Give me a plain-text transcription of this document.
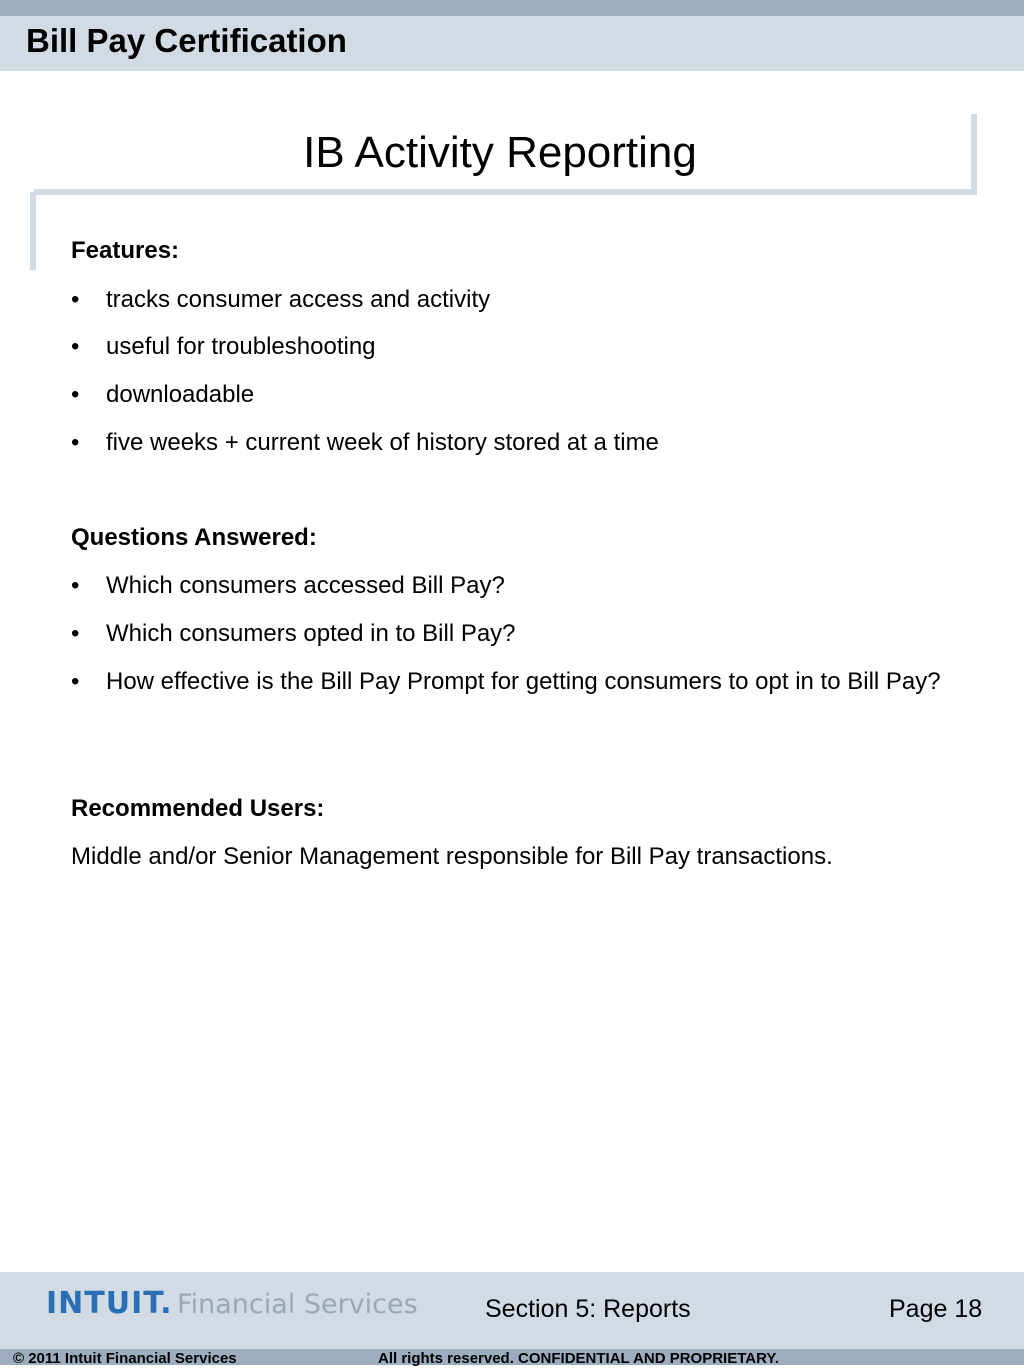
Bill Pay Certification
IB Activity Reporting
Features:
•	tracks consumer access and activity
•	useful for troubleshooting
•	downloadable
•	five weeks + current week of history stored at a time
Questions Answered:
•	Which consumers accessed Bill Pay?
•	Which consumers opted in to Bill Pay?
•	How effective is the Bill Pay Prompt for getting consumers to opt in to Bill Pay?
Recommended Users:
Middle and/or Senior Management responsible for Bill Pay transactions.
INTUIT. Financial Services	Section 5: Reports	Page 18
© 2011 Intuit Financial Services	All rights reserved. CONFIDENTIAL AND PROPRIETARY.
